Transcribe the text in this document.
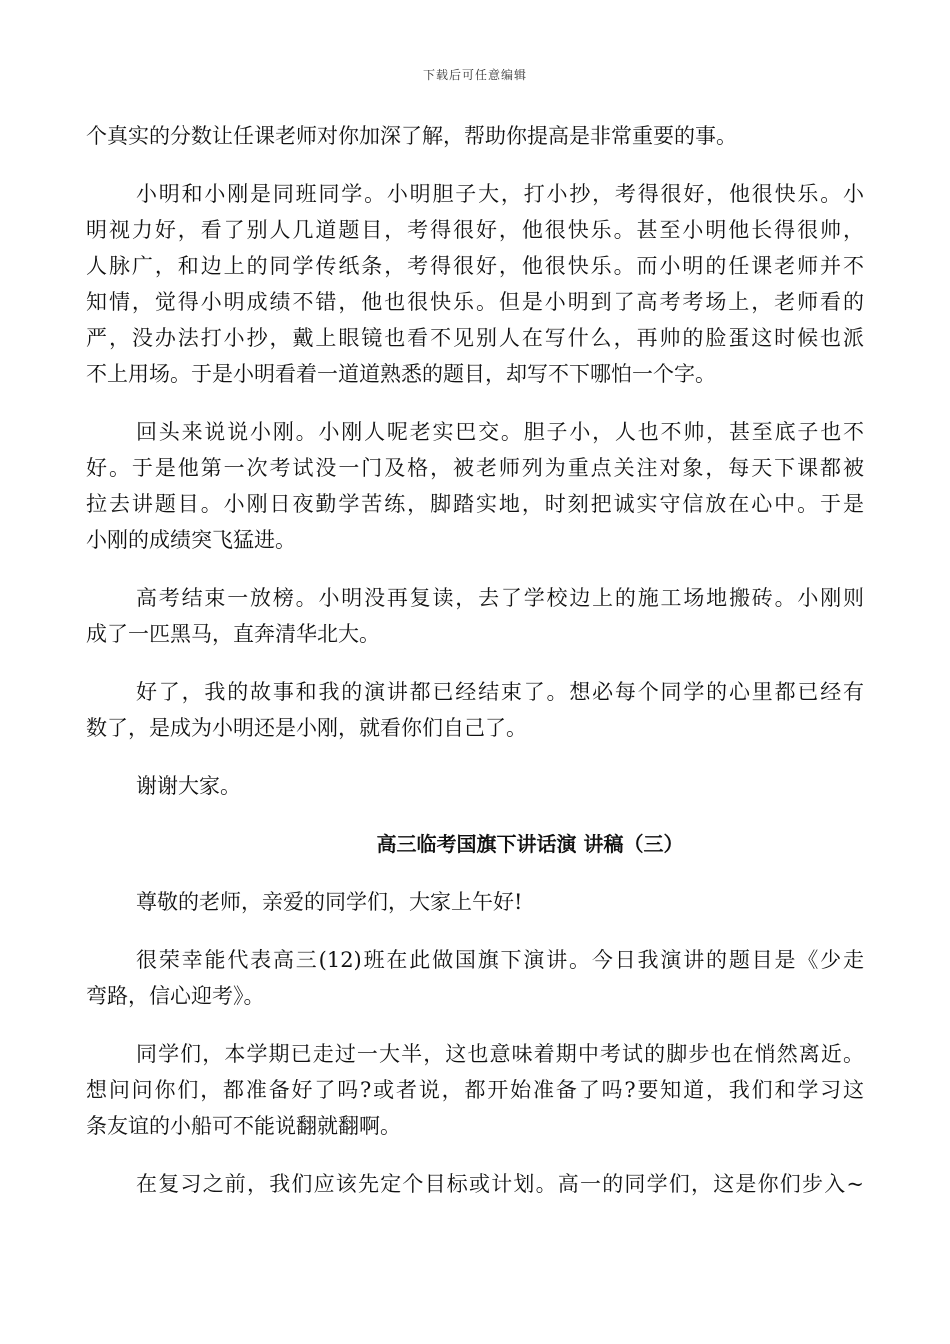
下载后可任意编辑
个真实的分数让任课老师对你加深了解，帮助你提高是非常重要的事。
小明和小刚是同班同学。小明胆子大，打小抄，考得很好，他很快乐。小
明视力好，看了别人几道题目，考得很好，他很快乐。甚至小明他长得很帅，
人脉广，和边上的同学传纸条，考得很好，他很快乐。而小明的任课老师并不
知情，觉得小明成绩不错，他也很快乐。但是小明到了高考考场上，老师看的
严，没办法打小抄，戴上眼镜也看不见别人在写什么，再帅的脸蛋这时候也派
不上用场。于是小明看着一道道熟悉的题目，却写不下哪怕一个字。
回头来说说小刚。小刚人呢老实巴交。胆子小，人也不帅，甚至底子也不
好。于是他第一次考试没一门及格，被老师列为重点关注对象，每天下课都被
拉去讲题目。小刚日夜勤学苦练，脚踏实地，时刻把诚实守信放在心中。于是
小刚的成绩突飞猛进。
高考结束一放榜。小明没再复读，去了学校边上的施工场地搬砖。小刚则
成了一匹黑马，直奔清华北大。
好了，我的故事和我的演讲都已经结束了。想必每个同学的心里都已经有
数了，是成为小明还是小刚，就看你们自己了。
谢谢大家。
高三临考国旗下讲话演 讲稿（三）
尊敬的老师，亲爱的同学们，大家上午好!
很荣幸能代表高三(12)班在此做国旗下演讲。今日我演讲的题目是《少走
弯路，信心迎考》。
同学们，本学期已走过一大半，这也意味着期中考试的脚步也在悄然离近。
想问问你们，都准备好了吗?或者说，都开始准备了吗?要知道，我们和学习这
条友谊的小船可不能说翻就翻啊。
在复习之前，我们应该先定个目标或计划。高一的同学们，这是你们步入~
